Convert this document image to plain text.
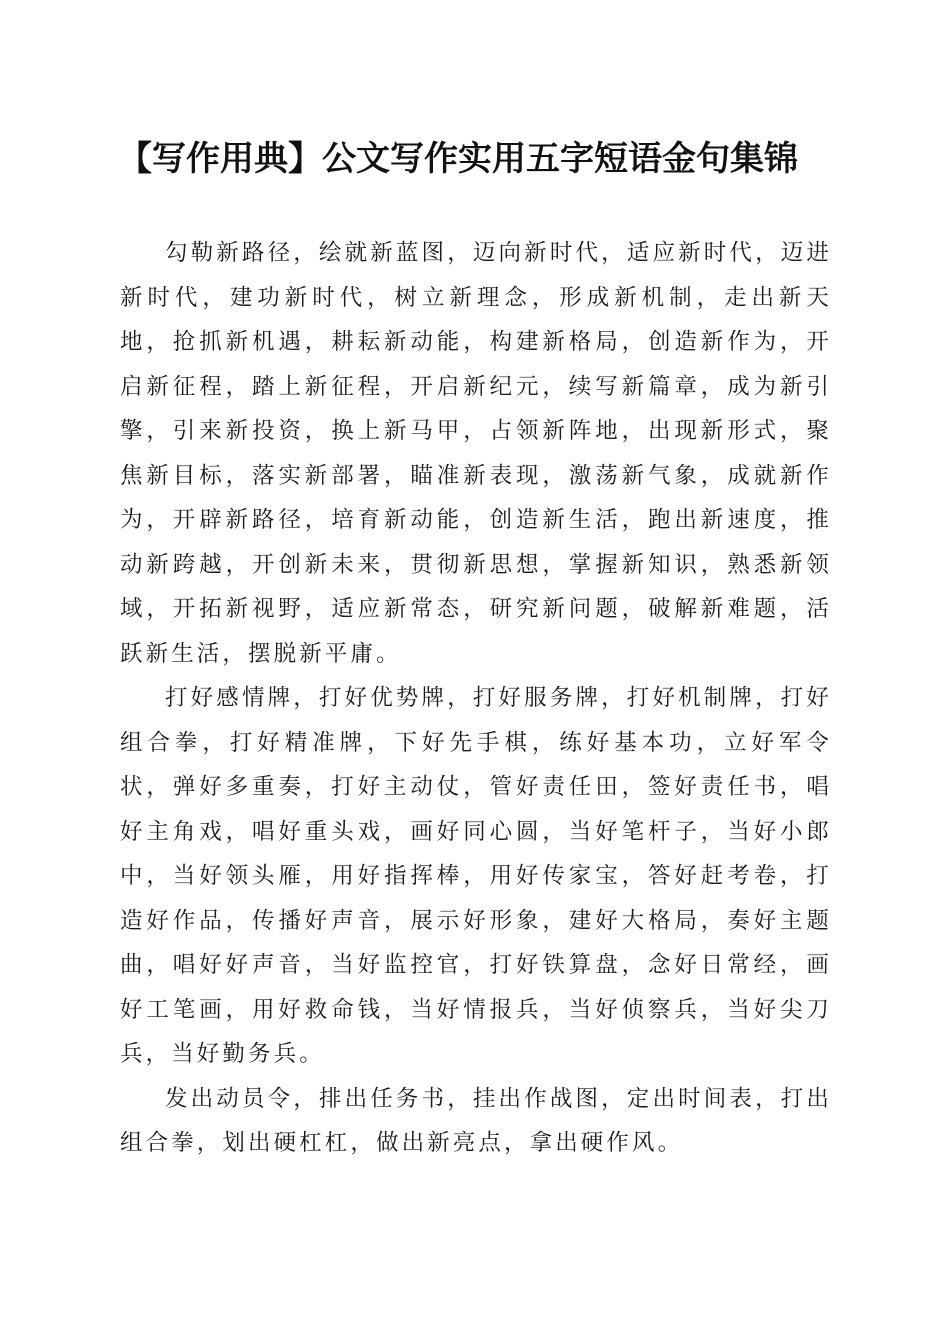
【写作用典】公文写作实用五字短语金句集锦

勾勒新路径，绘就新蓝图，迈向新时代，适应新时代，迈进新时代，建功新时代，树立新理念，形成新机制，走出新天地，抢抓新机遇，耕耘新动能，构建新格局，创造新作为，开启新征程，踏上新征程，开启新纪元，续写新篇章，成为新引擎，引来新投资，换上新马甲，占领新阵地，出现新形式，聚焦新目标，落实新部署，瞄准新表现，激荡新气象，成就新作为，开辟新路径，培育新动能，创造新生活，跑出新速度，推动新跨越，开创新未来，贯彻新思想，掌握新知识，熟悉新领域，开拓新视野，适应新常态，研究新问题，破解新难题，活跃新生活，摆脱新平庸。

打好感情牌，打好优势牌，打好服务牌，打好机制牌，打好组合拳，打好精准牌，下好先手棋，练好基本功，立好军令状，弹好多重奏，打好主动仗，管好责任田，签好责任书，唱好主角戏，唱好重头戏，画好同心圆，当好笔杆子，当好小郎中，当好领头雁，用好指挥棒，用好传家宝，答好赶考卷，打造好作品，传播好声音，展示好形象，建好大格局，奏好主题曲，唱好好声音，当好监控官，打好铁算盘，念好日常经，画好工笔画，用好救命钱，当好情报兵，当好侦察兵，当好尖刀兵，当好勤务兵。

发出动员令，排出任务书，挂出作战图，定出时间表，打出组合拳，划出硬杠杠，做出新亮点，拿出硬作风。
